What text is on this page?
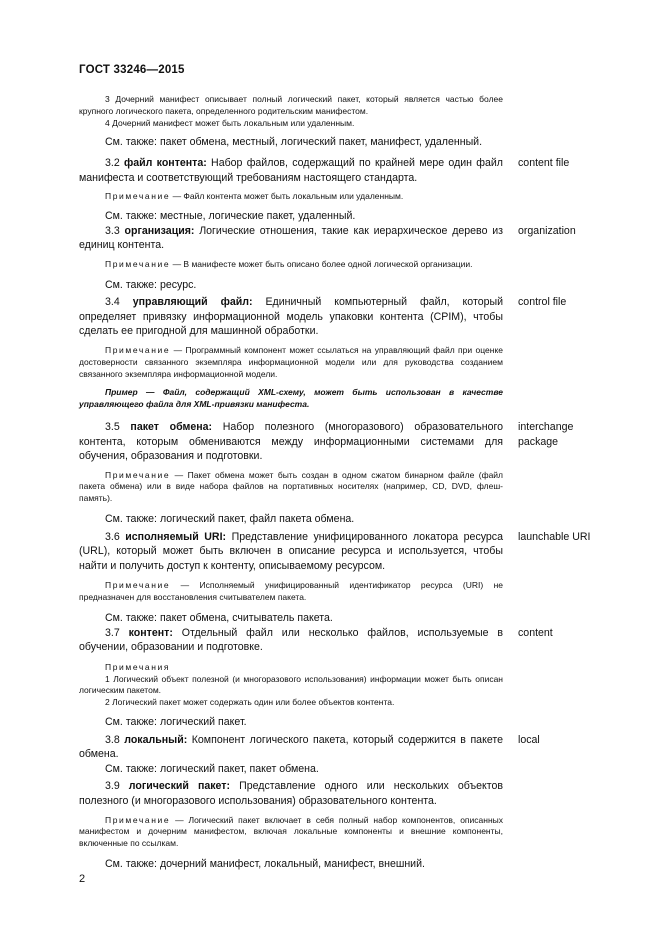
ГОСТ 33246—2015

3 Дочерний манифест описывает полный логический пакет, который является частью более крупного логического пакета, определенного родительским манифестом.

4 Дочерний манифест может быть локальным или удаленным.

См. также: пакет обмена, местный, логический пакет, манифест, удаленный.

3.2 файл контента: Набор файлов, содержащий по крайней мере один файл манифеста и соответствующий требованиям настоящего стандарта.

content file

Примечание — Файл контента может быть локальным или удаленным.

См. также: местные, логические пакет, удаленный.

3.3 организация: Логические отношения, такие как иерархическое дерево из единиц контента.

organization

Примечание — В манифесте может быть описано более одной логической организации.

См. также: ресурс.

3.4 управляющий файл: Единичный компьютерный файл, который определяет привязку информационной модель упаковки контента (CPIM), чтобы сделать ее пригодной для машинной обработки.

control file

Примечание — Программный компонент может ссылаться на управляющий файл при оценке достоверности связанного экземпляра информационной модели или для руководства созданием связанного экземпляра информационной модели.

Пример — Файл, содержащий XML-схему, может быть использован в качестве управляющего файла для XML-привязки манифеста.

3.5 пакет обмена: Набор полезного (многоразового) образовательного контента, которым обмениваются между информационными системами для обучения, образования и подготовки.

interchange
package

Примечание — Пакет обмена может быть создан в одном сжатом бинарном файле (файл пакета обмена) или в виде набора файлов на портативных носителях (например, CD, DVD, флеш-память).

См. также: логический пакет, файл пакета обмена.

3.6 исполняемый URI: Представление унифицированного локатора ресурса (URL), который может быть включен в описание ресурса и используется, чтобы найти и получить доступ к контенту, описываемому ресурсом.

launchable URI

Примечание — Исполняемый унифицированный идентификатор ресурса (URI) не предназначен для восстановления считывателем пакета.

См. также: пакет обмена, считыватель пакета.

3.7 контент: Отдельный файл или несколько файлов, используемые в обучении, образовании и подготовке.

content

Примечания

1 Логический объект полезной (и многоразового использования) информации может быть описан логическим пакетом.

2 Логический пакет может содержать один или более объектов контента.

См. также: логический пакет.

3.8 локальный: Компонент логического пакета, который содержится в пакете обмена.

local

См. также: логический пакет, пакет обмена.

3.9 логический пакет: Представление одного или нескольких объектов полезного (и многоразового использования) образовательного контента.

Примечание — Логический пакет включает в себя полный набор компонентов, описанных манифестом и дочерним манифестом, включая локальные компоненты и внешние компоненты, включенные по ссылкам.

См. также: дочерний манифест, локальный, манифест, внешний.

2
